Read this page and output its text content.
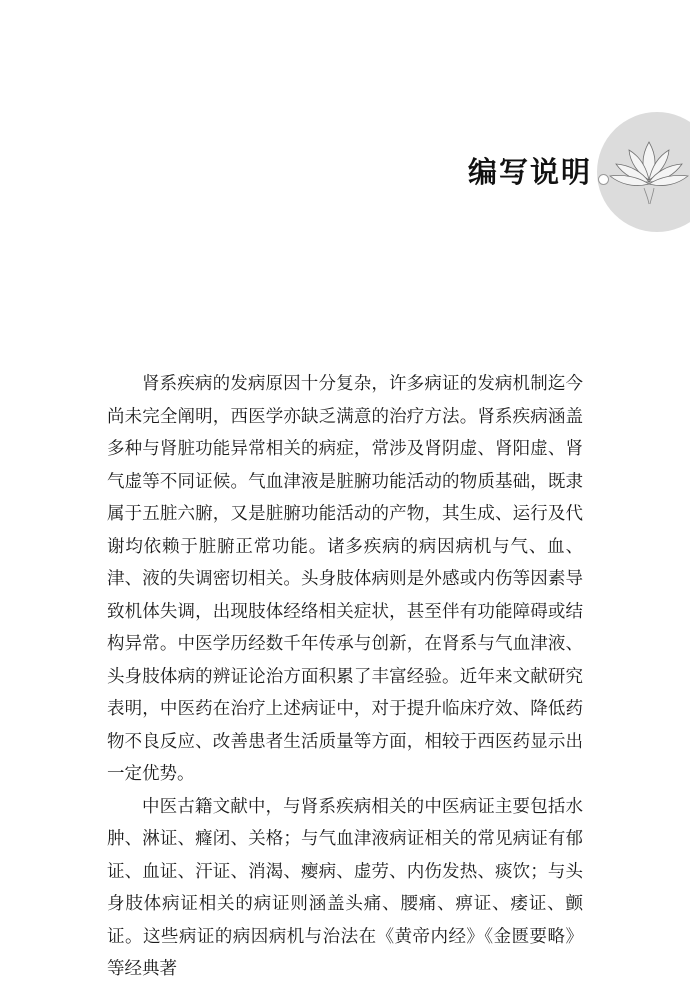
编写说明

肾系疾病的发病原因十分复杂，许多病证的发病机制迄今尚未完全阐明，西医学亦缺乏满意的治疗方法。肾系疾病涵盖多种与肾脏功能异常相关的病症，常涉及肾阴虚、肾阳虚、肾气虚等不同证候。气血津液是脏腑功能活动的物质基础，既隶属于五脏六腑，又是脏腑功能活动的产物，其生成、运行及代谢均依赖于脏腑正常功能。诸多疾病的病因病机与气、血、津、液的失调密切相关。头身肢体病则是外感或内伤等因素导致机体失调，出现肢体经络相关症状，甚至伴有功能障碍或结构异常。中医学历经数千年传承与创新，在肾系与气血津液、头身肢体病的辨证论治方面积累了丰富经验。近年来文献研究表明，中医药在治疗上述病证中，对于提升临床疗效、降低药物不良反应、改善患者生活质量等方面，相较于西医药显示出一定优势。

中医古籍文献中，与肾系疾病相关的中医病证主要包括水肿、淋证、癃闭、关格；与气血津液病证相关的常见病证有郁证、血证、汗证、消渴、瘿病、虚劳、内伤发热、痰饮；与头身肢体病证相关的病证则涵盖头痛、腰痛、痹证、痿证、颤证。这些病证的病因病机与治法在《黄帝内经》《金匮要略》等经典著
